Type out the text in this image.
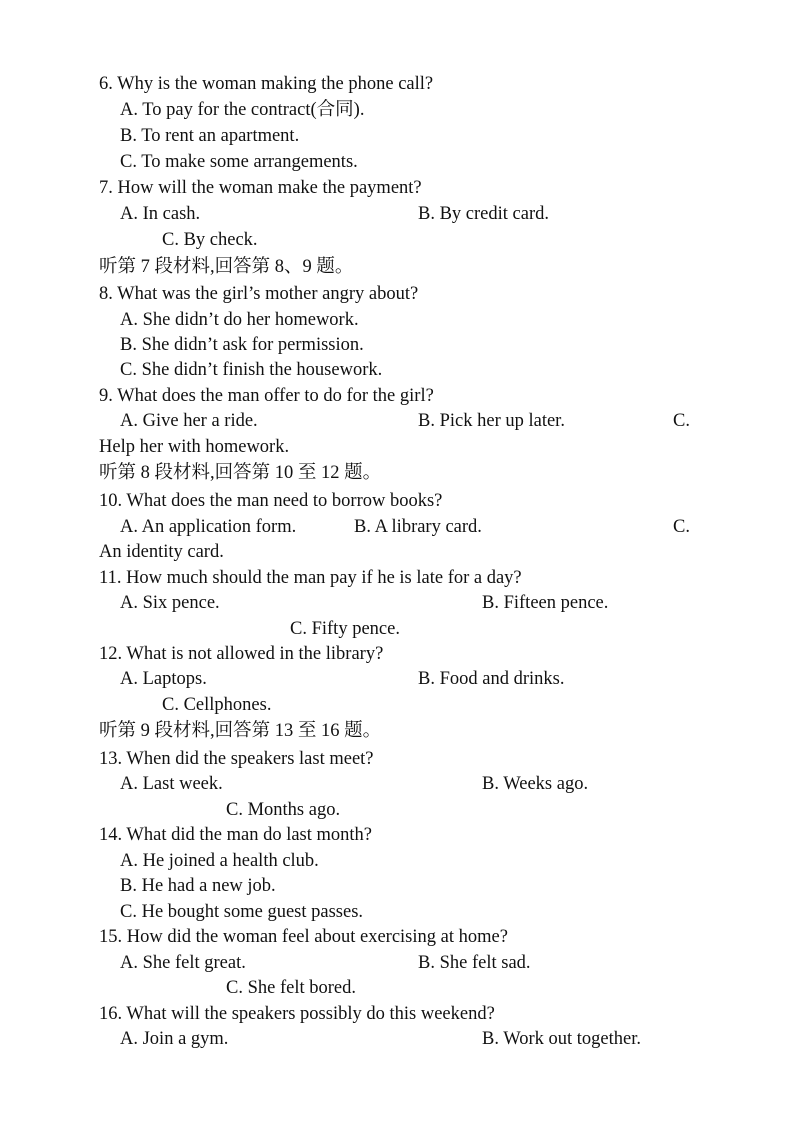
6. Why is the woman making the phone call?
A. To pay for the contract(合同).
B. To rent an apartment.
C. To make some arrangements.
7. How will the woman make the payment?
A. In cash.	B. By credit card.
C. By check.
听第 7 段材料,回答第 8、9 题。
8. What was the girl’s mother angry about?
A. She didn’t do her homework.
B. She didn’t ask for permission.
C. She didn’t finish the housework.
9. What does the man offer to do for the girl?
A. Give her a ride.	B. Pick her up later.	C.
Help her with homework.
听第 8 段材料,回答第 10 至 12 题。
10. What does the man need to borrow books?
A. An application form.	B. A library card.	C.
An identity card.
11. How much should the man pay if he is late for a day?
A. Six pence.	B. Fifteen pence.
C. Fifty pence.
12. What is not allowed in the library?
A. Laptops.	B. Food and drinks.
C. Cellphones.
听第 9 段材料,回答第 13 至 16 题。
13. When did the speakers last meet?
A. Last week.	B. Weeks ago.
C. Months ago.
14. What did the man do last month?
A. He joined a health club.
B. He had a new job.
C. He bought some guest passes.
15. How did the woman feel about exercising at home?
A. She felt great.	B. She felt sad.
C. She felt bored.
16. What will the speakers possibly do this weekend?
A. Join a gym.	B. Work out together.
